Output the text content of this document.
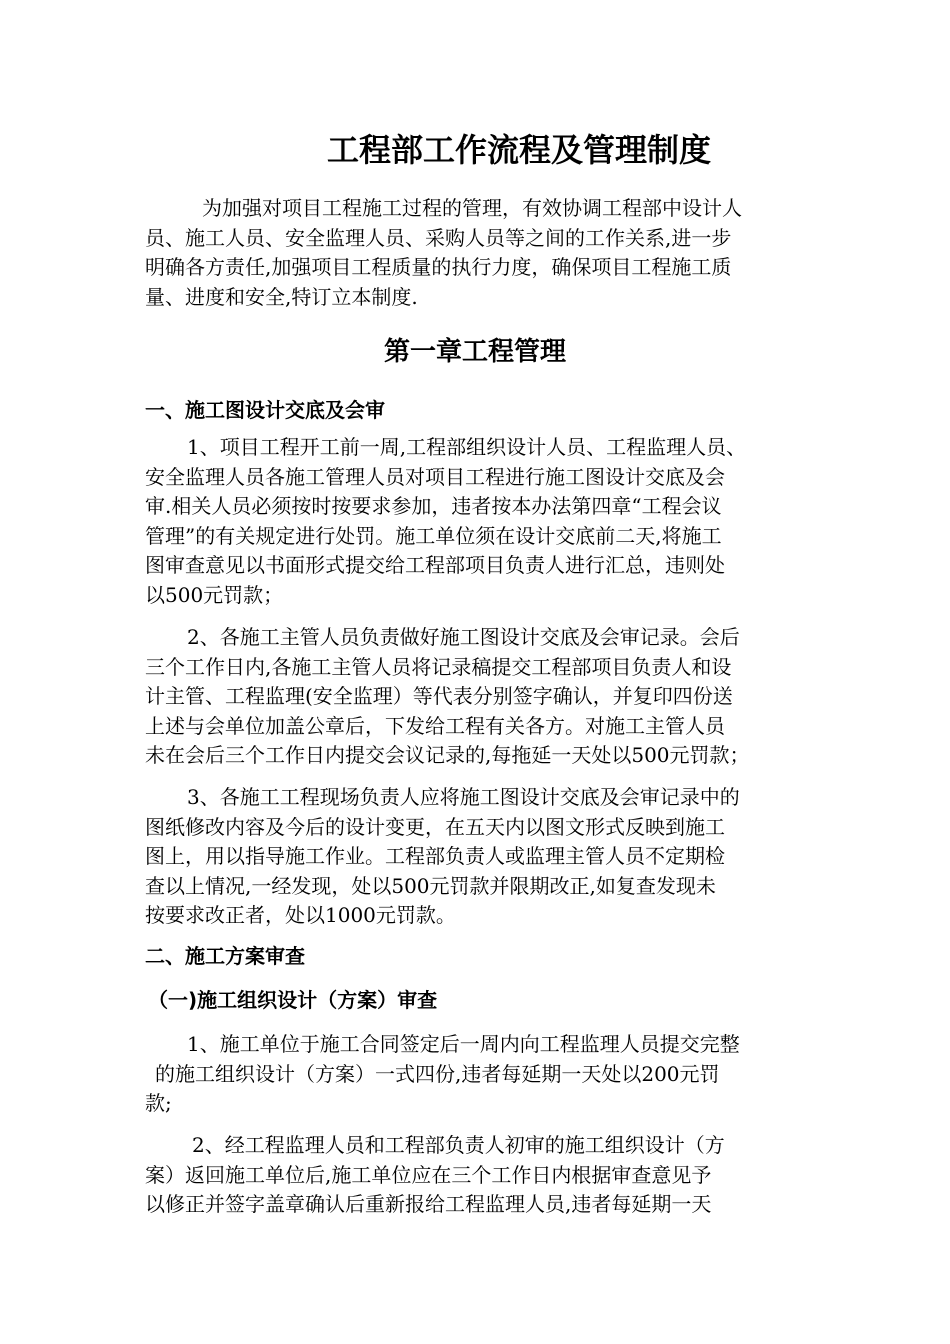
工程部工作流程及管理制度
为加强对项目工程施工过程的管理，有效协调工程部中设计人
员、施工人员、安全监理人员、采购人员等之间的工作关系,进一步
明确各方责任,加强项目工程质量的执行力度，确保项目工程施工质
量、进度和安全,特订立本制度.
第一章工程管理
一、施工图设计交底及会审
1、项目工程开工前一周,工程部组织设计人员、工程监理人员、
安全监理人员各施工管理人员对项目工程进行施工图设计交底及会
审.相关人员必须按时按要求参加，违者按本办法第四章“工程会议
管理”的有关规定进行处罚。施工单位须在设计交底前二天,将施工
图审查意见以书面形式提交给工程部项目负责人进行汇总，违则处
以500元罚款；
2、各施工主管人员负责做好施工图设计交底及会审记录。会后
三个工作日内,各施工主管人员将记录稿提交工程部项目负责人和设
计主管、工程监理(安全监理）等代表分别签字确认，并复印四份送
上述与会单位加盖公章后，下发给工程有关各方。对施工主管人员
未在会后三个工作日内提交会议记录的,每拖延一天处以500元罚款；
3、各施工工程现场负责人应将施工图设计交底及会审记录中的
图纸修改内容及今后的设计变更，在五天内以图文形式反映到施工
图上，用以指导施工作业。工程部负责人或监理主管人员不定期检
查以上情况,一经发现，处以500元罚款并限期改正,如复查发现未
按要求改正者，处以1000元罚款。
二、施工方案审查
（一)施工组织设计（方案）审查
1、施工单位于施工合同签定后一周内向工程监理人员提交完整
的施工组织设计（方案）一式四份,违者每延期一天处以200元罚
款;
2、经工程监理人员和工程部负责人初审的施工组织设计（方
案）返回施工单位后,施工单位应在三个工作日内根据审查意见予
以修正并签字盖章确认后重新报给工程监理人员,违者每延期一天
